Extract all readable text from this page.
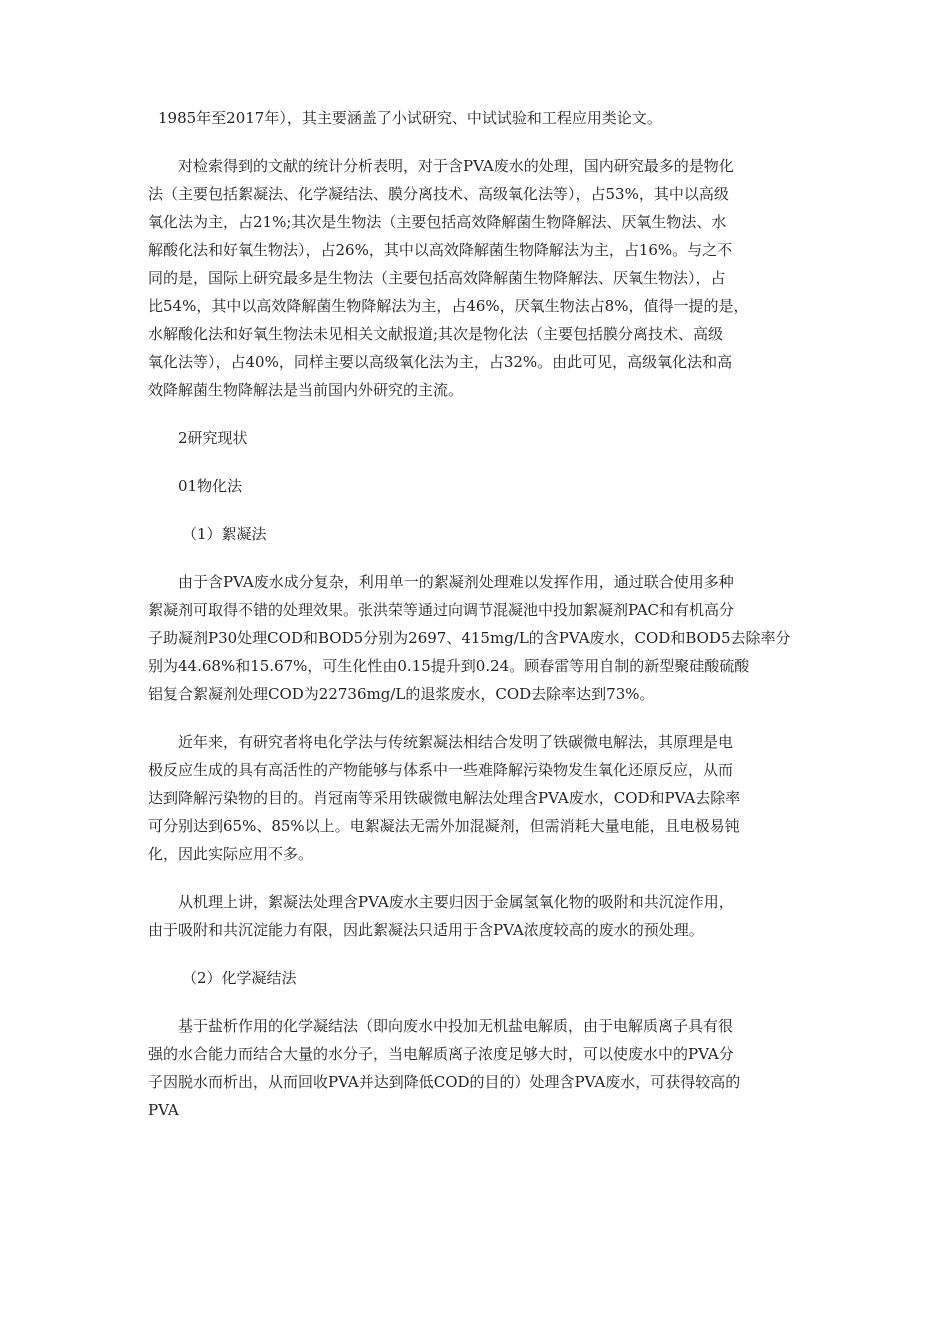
1985年至2017年），其主要涵盖了小试研究、中试试验和工程应用类论文。

对检索得到的文献的统计分析表明，对于含PVA废水的处理，国内研究最多的是物化

法（主要包括絮凝法、化学凝结法、膜分离技术、高级氧化法等），占53%，其中以高级

氧化法为主，占21%;其次是生物法（主要包括高效降解菌生物降解法、厌氧生物法、水

解酸化法和好氧生物法），占26%，其中以高效降解菌生物降解法为主，占16%。与之不

同的是，国际上研究最多是生物法（主要包括高效降解菌生物降解法、厌氧生物法），占

比54%，其中以高效降解菌生物降解法为主，占46%，厌氧生物法占8%，值得一提的是，

水解酸化法和好氧生物法未见相关文献报道;其次是物化法（主要包括膜分离技术、高级

氧化法等），占40%，同样主要以高级氧化法为主，占32%。由此可见，高级氧化法和高

效降解菌生物降解法是当前国内外研究的主流。

2研究现状

01物化法

（1）絮凝法

由于含PVA废水成分复杂，利用单一的絮凝剂处理难以发挥作用，通过联合使用多种

絮凝剂可取得不错的处理效果。张洪荣等通过向调节混凝池中投加絮凝剂PAC和有机高分

子助凝剂P30处理COD和BOD5分别为2697、415mg/L的含PVA废水，COD和BOD5去除率分

别为44.68%和15.67%，可生化性由0.15提升到0.24。顾春雷等用自制的新型聚硅酸硫酸

铝复合絮凝剂处理COD为22736mg/L的退浆废水，COD去除率达到73%。

近年来，有研究者将电化学法与传统絮凝法相结合发明了铁碳微电解法，其原理是电

极反应生成的具有高活性的产物能够与体系中一些难降解污染物发生氧化还原反应，从而

达到降解污染物的目的。肖冠南等采用铁碳微电解法处理含PVA废水，COD和PVA去除率

可分别达到65%、85%以上。电絮凝法无需外加混凝剂，但需消耗大量电能，且电极易钝

化，因此实际应用不多。

从机理上讲，絮凝法处理含PVA废水主要归因于金属氢氧化物的吸附和共沉淀作用，

由于吸附和共沉淀能力有限，因此絮凝法只适用于含PVA浓度较高的废水的预处理。

（2）化学凝结法

基于盐析作用的化学凝结法（即向废水中投加无机盐电解质，由于电解质离子具有很

强的水合能力而结合大量的水分子，当电解质离子浓度足够大时，可以使废水中的PVA分

子因脱水而析出，从而回收PVA并达到降低COD的目的）处理含PVA废水，可获得较高的

PVA
